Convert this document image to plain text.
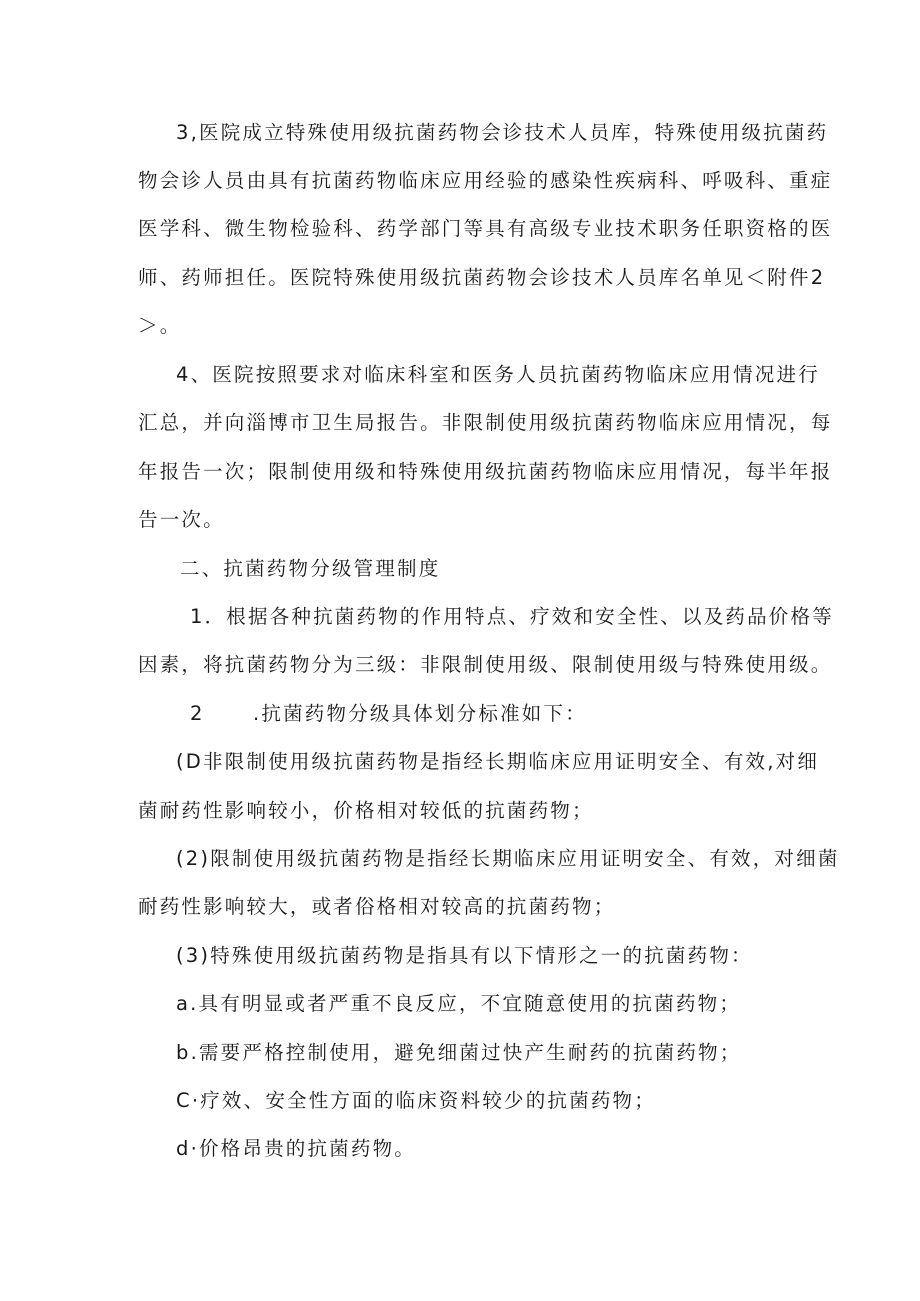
3,医院成立特殊使用级抗菌药物会诊技术人员库，特殊使用级抗菌药
物会诊人员由具有抗菌药物临床应用经验的感染性疾病科、呼吸科、重症
医学科、微生物检验科、药学部门等具有高级专业技术职务任职资格的医
师、药师担任。医院特殊使用级抗菌药物会诊技术人员库名单见＜附件2
＞。
4、医院按照要求对临床科室和医务人员抗菌药物临床应用情况进行
汇总，并向淄博市卫生局报告。非限制使用级抗菌药物临床应用情况，每
年报告一次；限制使用级和特殊使用级抗菌药物临床应用情况，每半年报
告一次。
二、抗菌药物分级管理制度
1．根据各种抗菌药物的作用特点、疗效和安全性、以及药品价格等
因素，将抗菌药物分为三级：非限制使用级、限制使用级与特殊使用级。
2 .抗菌药物分级具体划分标准如下：
(D非限制使用级抗菌药物是指经长期临床应用证明安全、有效,对细
菌耐药性影响较小，价格相对较低的抗菌药物；
(2)限制使用级抗菌药物是指经长期临床应用证明安全、有效，对细菌
耐药性影响较大，或者俗格相对较高的抗菌药物；
(3)特殊使用级抗菌药物是指具有以下情形之一的抗菌药物：
a.具有明显或者严重不良反应，不宜随意使用的抗菌药物；
b.需要严格控制使用，避免细菌过快产生耐药的抗菌药物；
C·疗效、安全性方面的临床资料较少的抗菌药物；
d·价格昂贵的抗菌药物。
